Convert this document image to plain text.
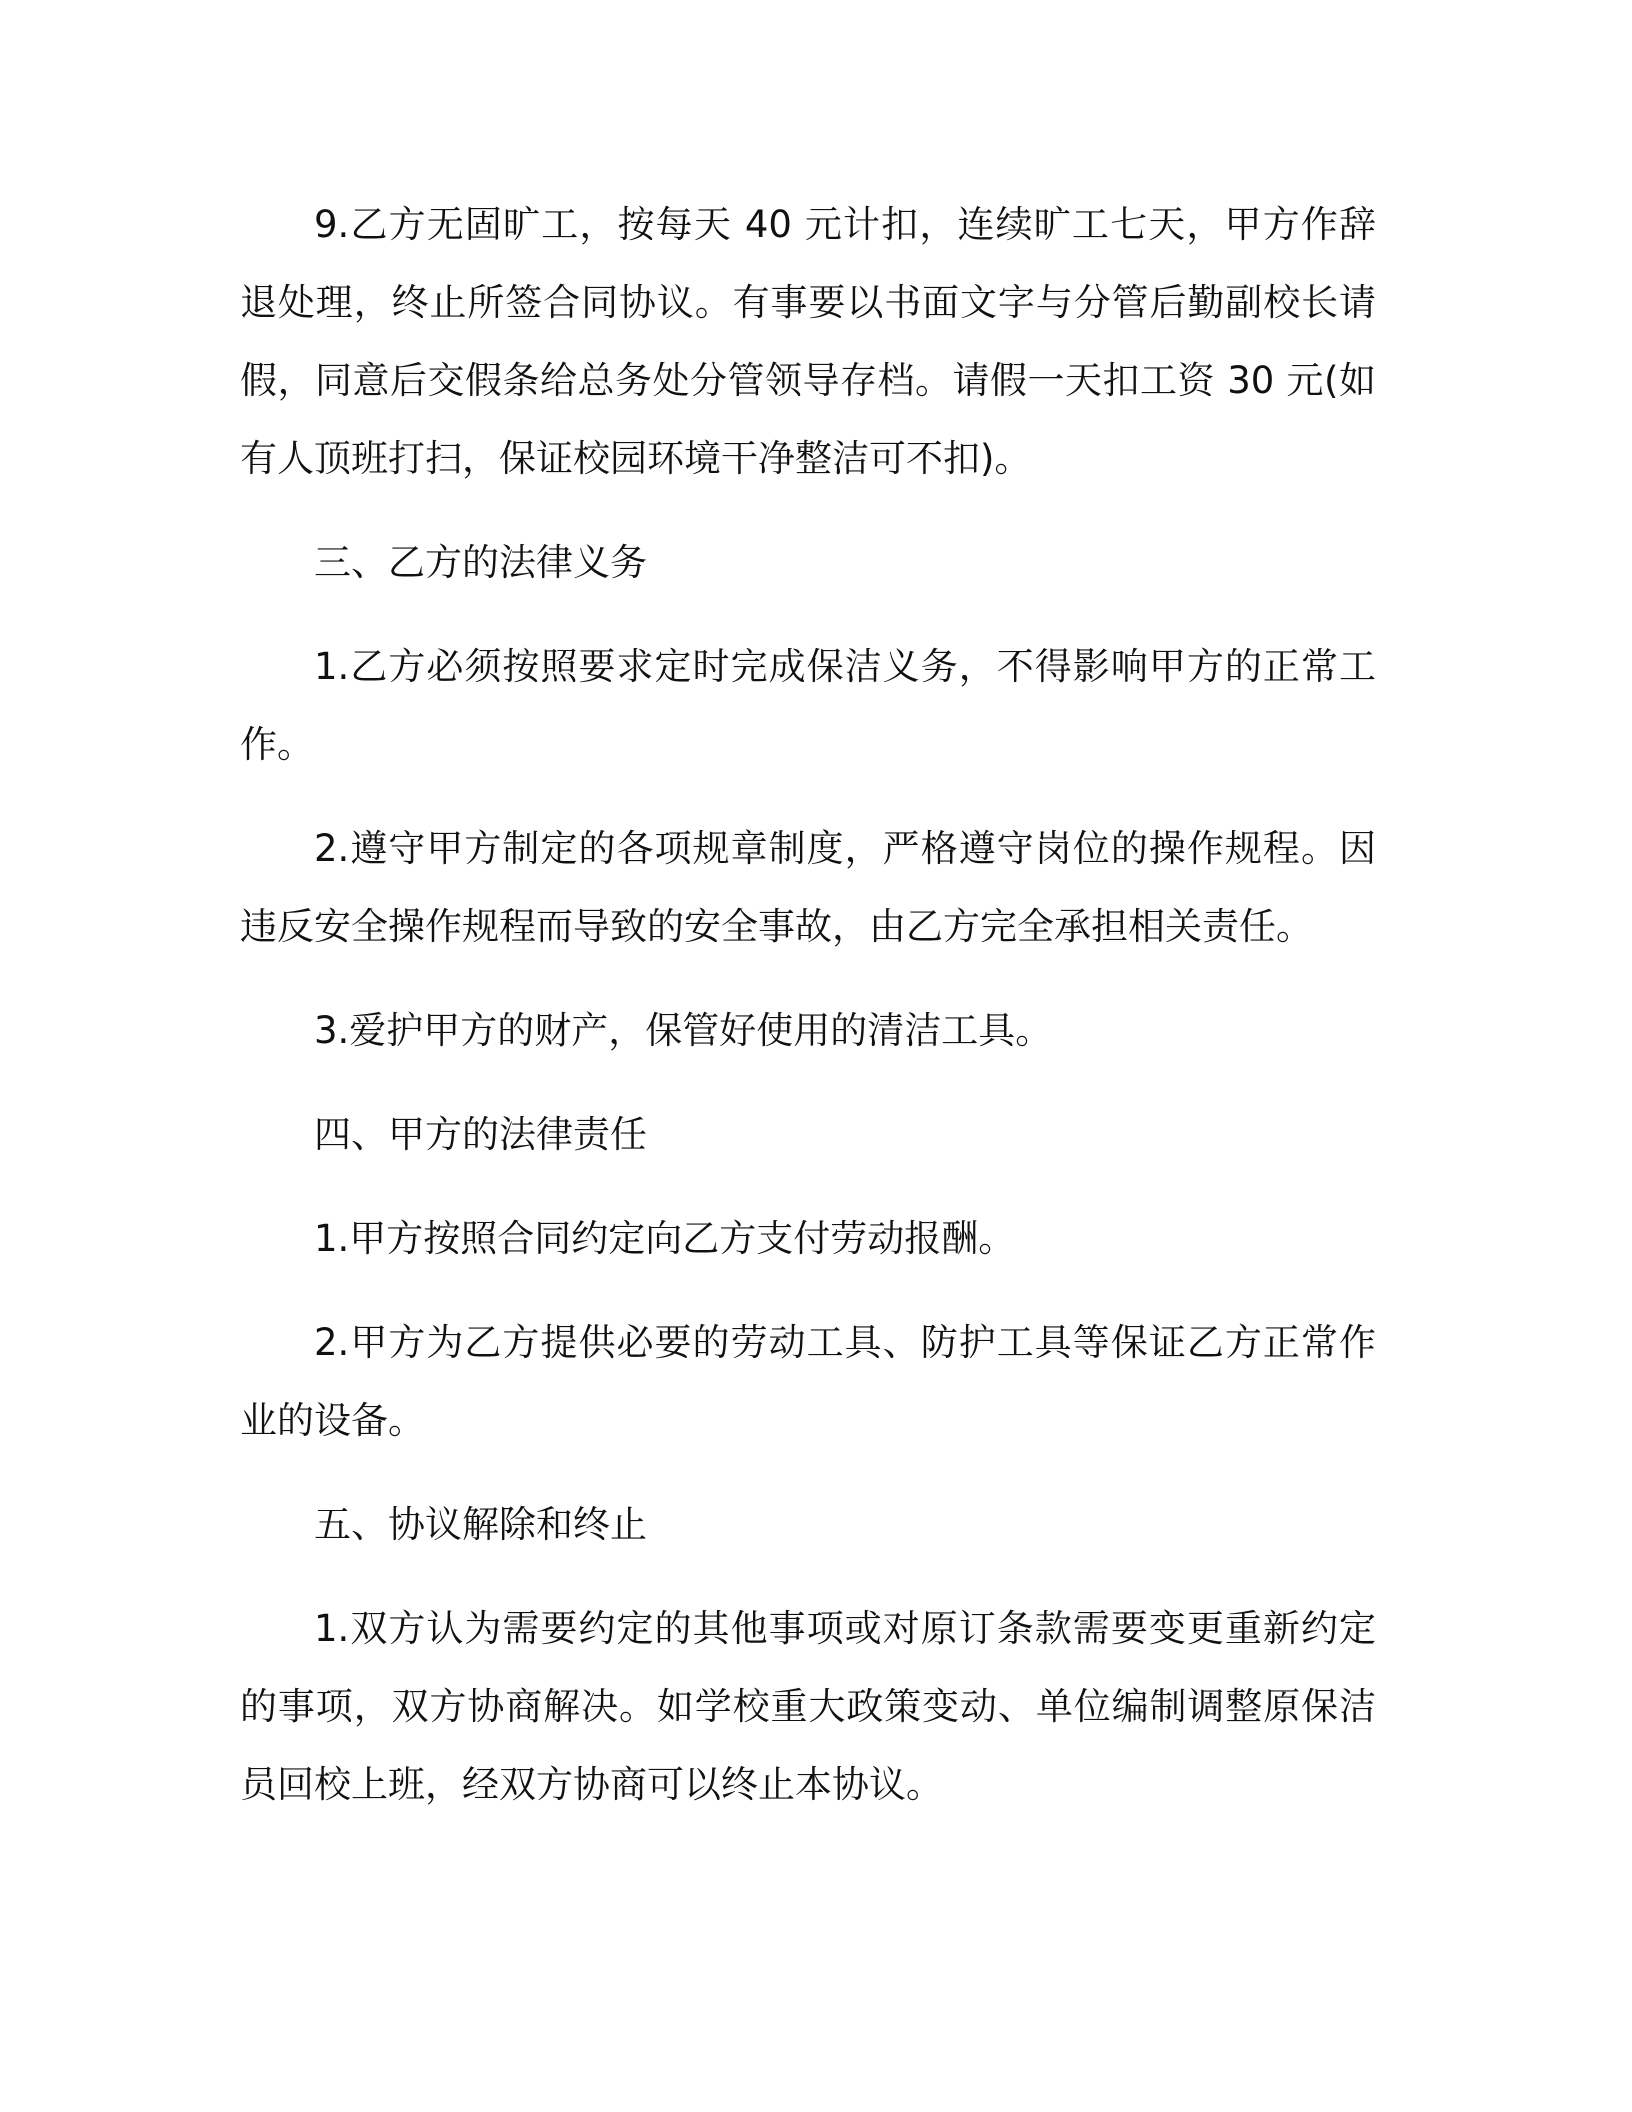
9.乙方无固旷工，按每天 40 元计扣，连续旷工七天，甲方作辞退处理，终止所签合同协议。有事要以书面文字与分管后勤副校长请假，同意后交假条给总务处分管领导存档。请假一天扣工资 30 元(如有人顶班打扫，保证校园环境干净整洁可不扣)。

三、乙方的法律义务

1.乙方必须按照要求定时完成保洁义务，不得影响甲方的正常工作。

2.遵守甲方制定的各项规章制度，严格遵守岗位的操作规程。因违反安全操作规程而导致的安全事故，由乙方完全承担相关责任。

3.爱护甲方的财产，保管好使用的清洁工具。

四、甲方的法律责任

1.甲方按照合同约定向乙方支付劳动报酬。

2.甲方为乙方提供必要的劳动工具、防护工具等保证乙方正常作业的设备。

五、协议解除和终止

1.双方认为需要约定的其他事项或对原订条款需要变更重新约定的事项，双方协商解决。如学校重大政策变动、单位编制调整原保洁员回校上班，经双方协商可以终止本协议。
